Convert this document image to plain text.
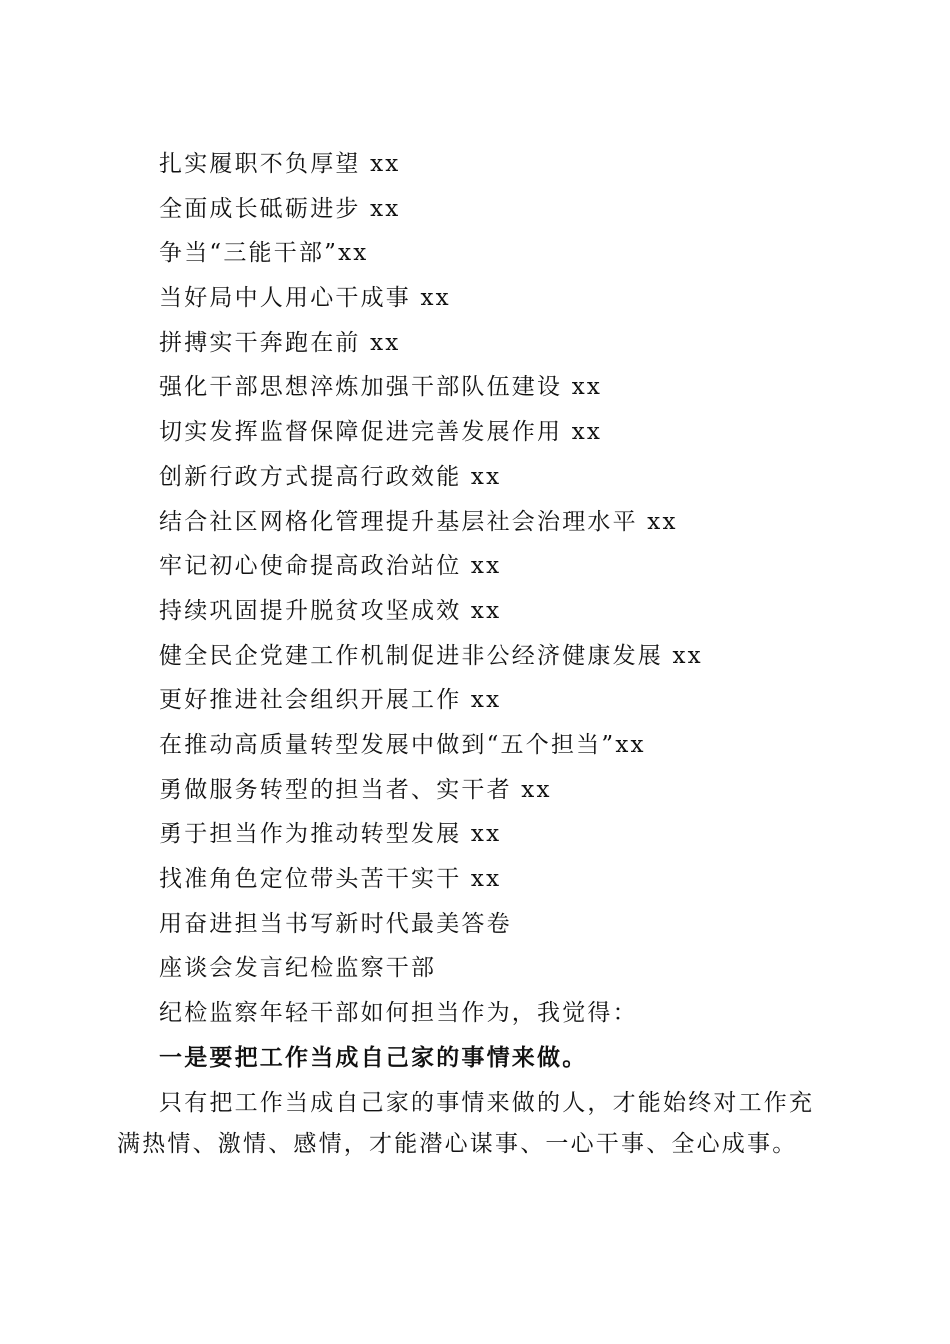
扎实履职不负厚望 xx
全面成长砥砺进步 xx
争当“三能干部”xx
当好局中人用心干成事 xx
拼搏实干奔跑在前 xx
强化干部思想淬炼加强干部队伍建设 xx
切实发挥监督保障促进完善发展作用 xx
创新行政方式提高行政效能 xx
结合社区网格化管理提升基层社会治理水平 xx
牢记初心使命提高政治站位 xx
持续巩固提升脱贫攻坚成效 xx
健全民企党建工作机制促进非公经济健康发展 xx
更好推进社会组织开展工作 xx
在推动高质量转型发展中做到“五个担当”xx
勇做服务转型的担当者、实干者 xx
勇于担当作为推动转型发展 xx
找准角色定位带头苦干实干 xx
用奋进担当书写新时代最美答卷
座谈会发言纪检监察干部
纪检监察年轻干部如何担当作为，我觉得：
一是要把工作当成自己家的事情来做。

只有把工作当成自己家的事情来做的人，才能始终对工作充满热情、激情、感情，才能潜心谋事、一心干事、全心成事。
